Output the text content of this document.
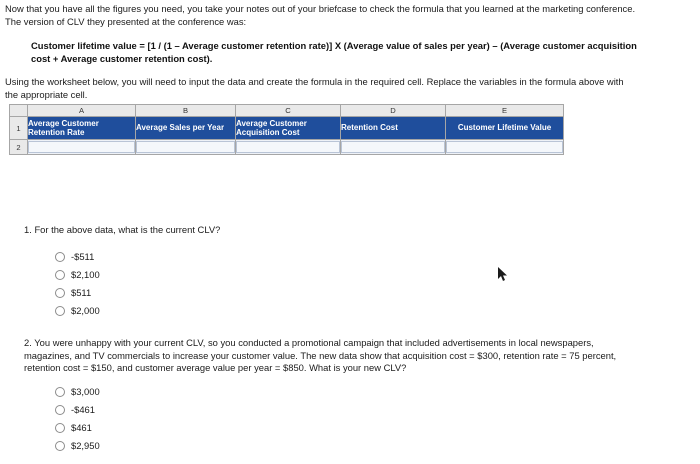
Now that you have all the figures you need, you take your notes out of your briefcase to check the formula that you learned at the marketing conference. The version of CLV they presented at the conference was:
Customer lifetime value = [1 / (1 – Average customer retention rate)] X (Average value of sales per year) – (Average customer acquisition cost + Average customer retention cost).
Using the worksheet below, you will need to input the data and create the formula in the required cell. Replace the variables in the formula above with the appropriate cell.
	A	B	C	D	E
1	Average Customer Retention Rate	Average Sales per Year	Average Customer Acquisition Cost	Retention Cost	Customer Lifetime Value
2	

1. For the above data, what is the current CLV?
-$511
$2,100
$511
$2,000
2. You were unhappy with your current CLV, so you conducted a promotional campaign that included advertisements in local newspapers, magazines, and TV commercials to increase your customer value. The new data show that acquisition cost = $300, retention rate = 75 percent, retention cost = $150, and customer average value per year = $850. What is your new CLV?
$3,000
-$461
$461
$2,950
